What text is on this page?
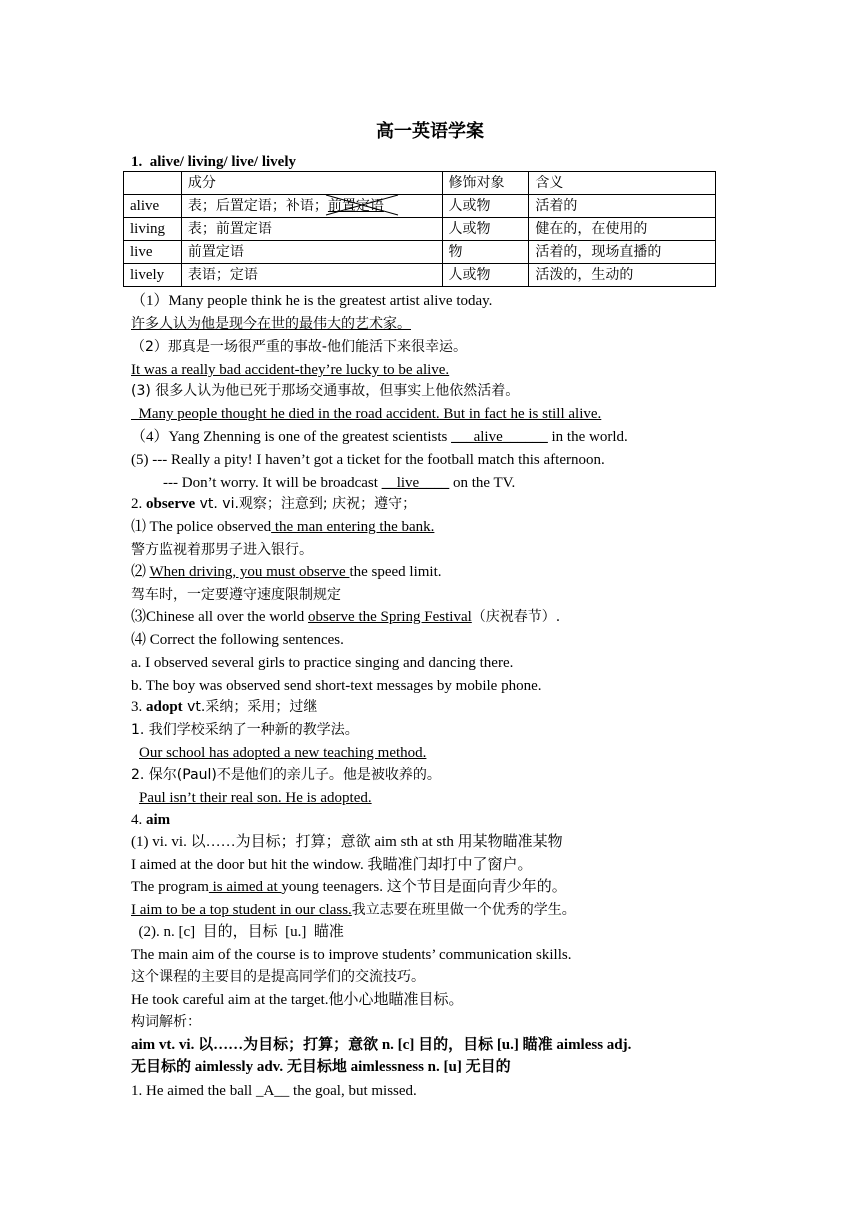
高一英语学案
1. alive/ living/ live/ lively
	成分	修饰对象	含义
alive	表；后置定语；补语；前置定语	人或物	活着的
living	表；前置定语	人或物	健在的，在使用的
live	前置定语	物	活着的，现场直播的
lively	表语；定语	人或物	活泼的，生动的
（1）Many people think he is the greatest artist alive today.
许多人认为他是现今在世的最伟大的艺术家。
（2）那真是一场很严重的事故-他们能活下来很幸运。
It was a really bad accident-they’re lucky to be alive.
(3) 很多人认为他已死于那场交通事故，但事实上他依然活着。
Many people thought he died in the road accident. But in fact he is still alive.
（4）Yang Zhenning is one of the greatest scientists ___alive______ in the world.
(5) --- Really a pity! I haven’t got a ticket for the football match this afternoon.
--- Don’t worry. It will be broadcast __live____ on the TV.
2. observe vt. vi.观察；注意到; 庆祝；遵守；
⑴ The police observed the man entering the bank.
警方监视着那男子进入银行。
⑵ When driving, you must observe the speed limit.
驾车时，一定要遵守速度限制规定
⑶Chinese all over the world observe the Spring Festival（庆祝春节）.
⑷ Correct the following sentences.
a. I observed several girls to practice singing and dancing there.
b. The boy was observed send short-text messages by mobile phone.
3. adopt vt.采纳；采用；过继
1. 我们学校采纳了一种新的教学法。
Our school has adopted a new teaching method.
2. 保尔(Paul)不是他们的亲儿子。他是被收养的。
Paul isn’t their real son. He is adopted.
4. aim
(1) vi. vi. 以……为目标；打算；意欲 aim sth at sth 用某物瞄准某物
I aimed at the door but hit the window. 我瞄准门却打中了窗户。
The program is aimed at young teenagers. 这个节目是面向青少年的。
I aim to be a top student in our class.我立志要在班里做一个优秀的学生。
(2). n. [c]  目的，目标  [u.]  瞄准
The main aim of the course is to improve students’ communication skills.
这个课程的主要目的是提高同学们的交流技巧。
He took careful aim at the target.他小心地瞄准目标。
构词解析：
aim vt. vi. 以……为目标；打算；意欲 n. [c] 目的，目标 [u.] 瞄准 aimless adj.
无目标的 aimlessly adv. 无目标地 aimlessness n. [u] 无目的
1. He aimed the ball _A__ the goal, but missed.
